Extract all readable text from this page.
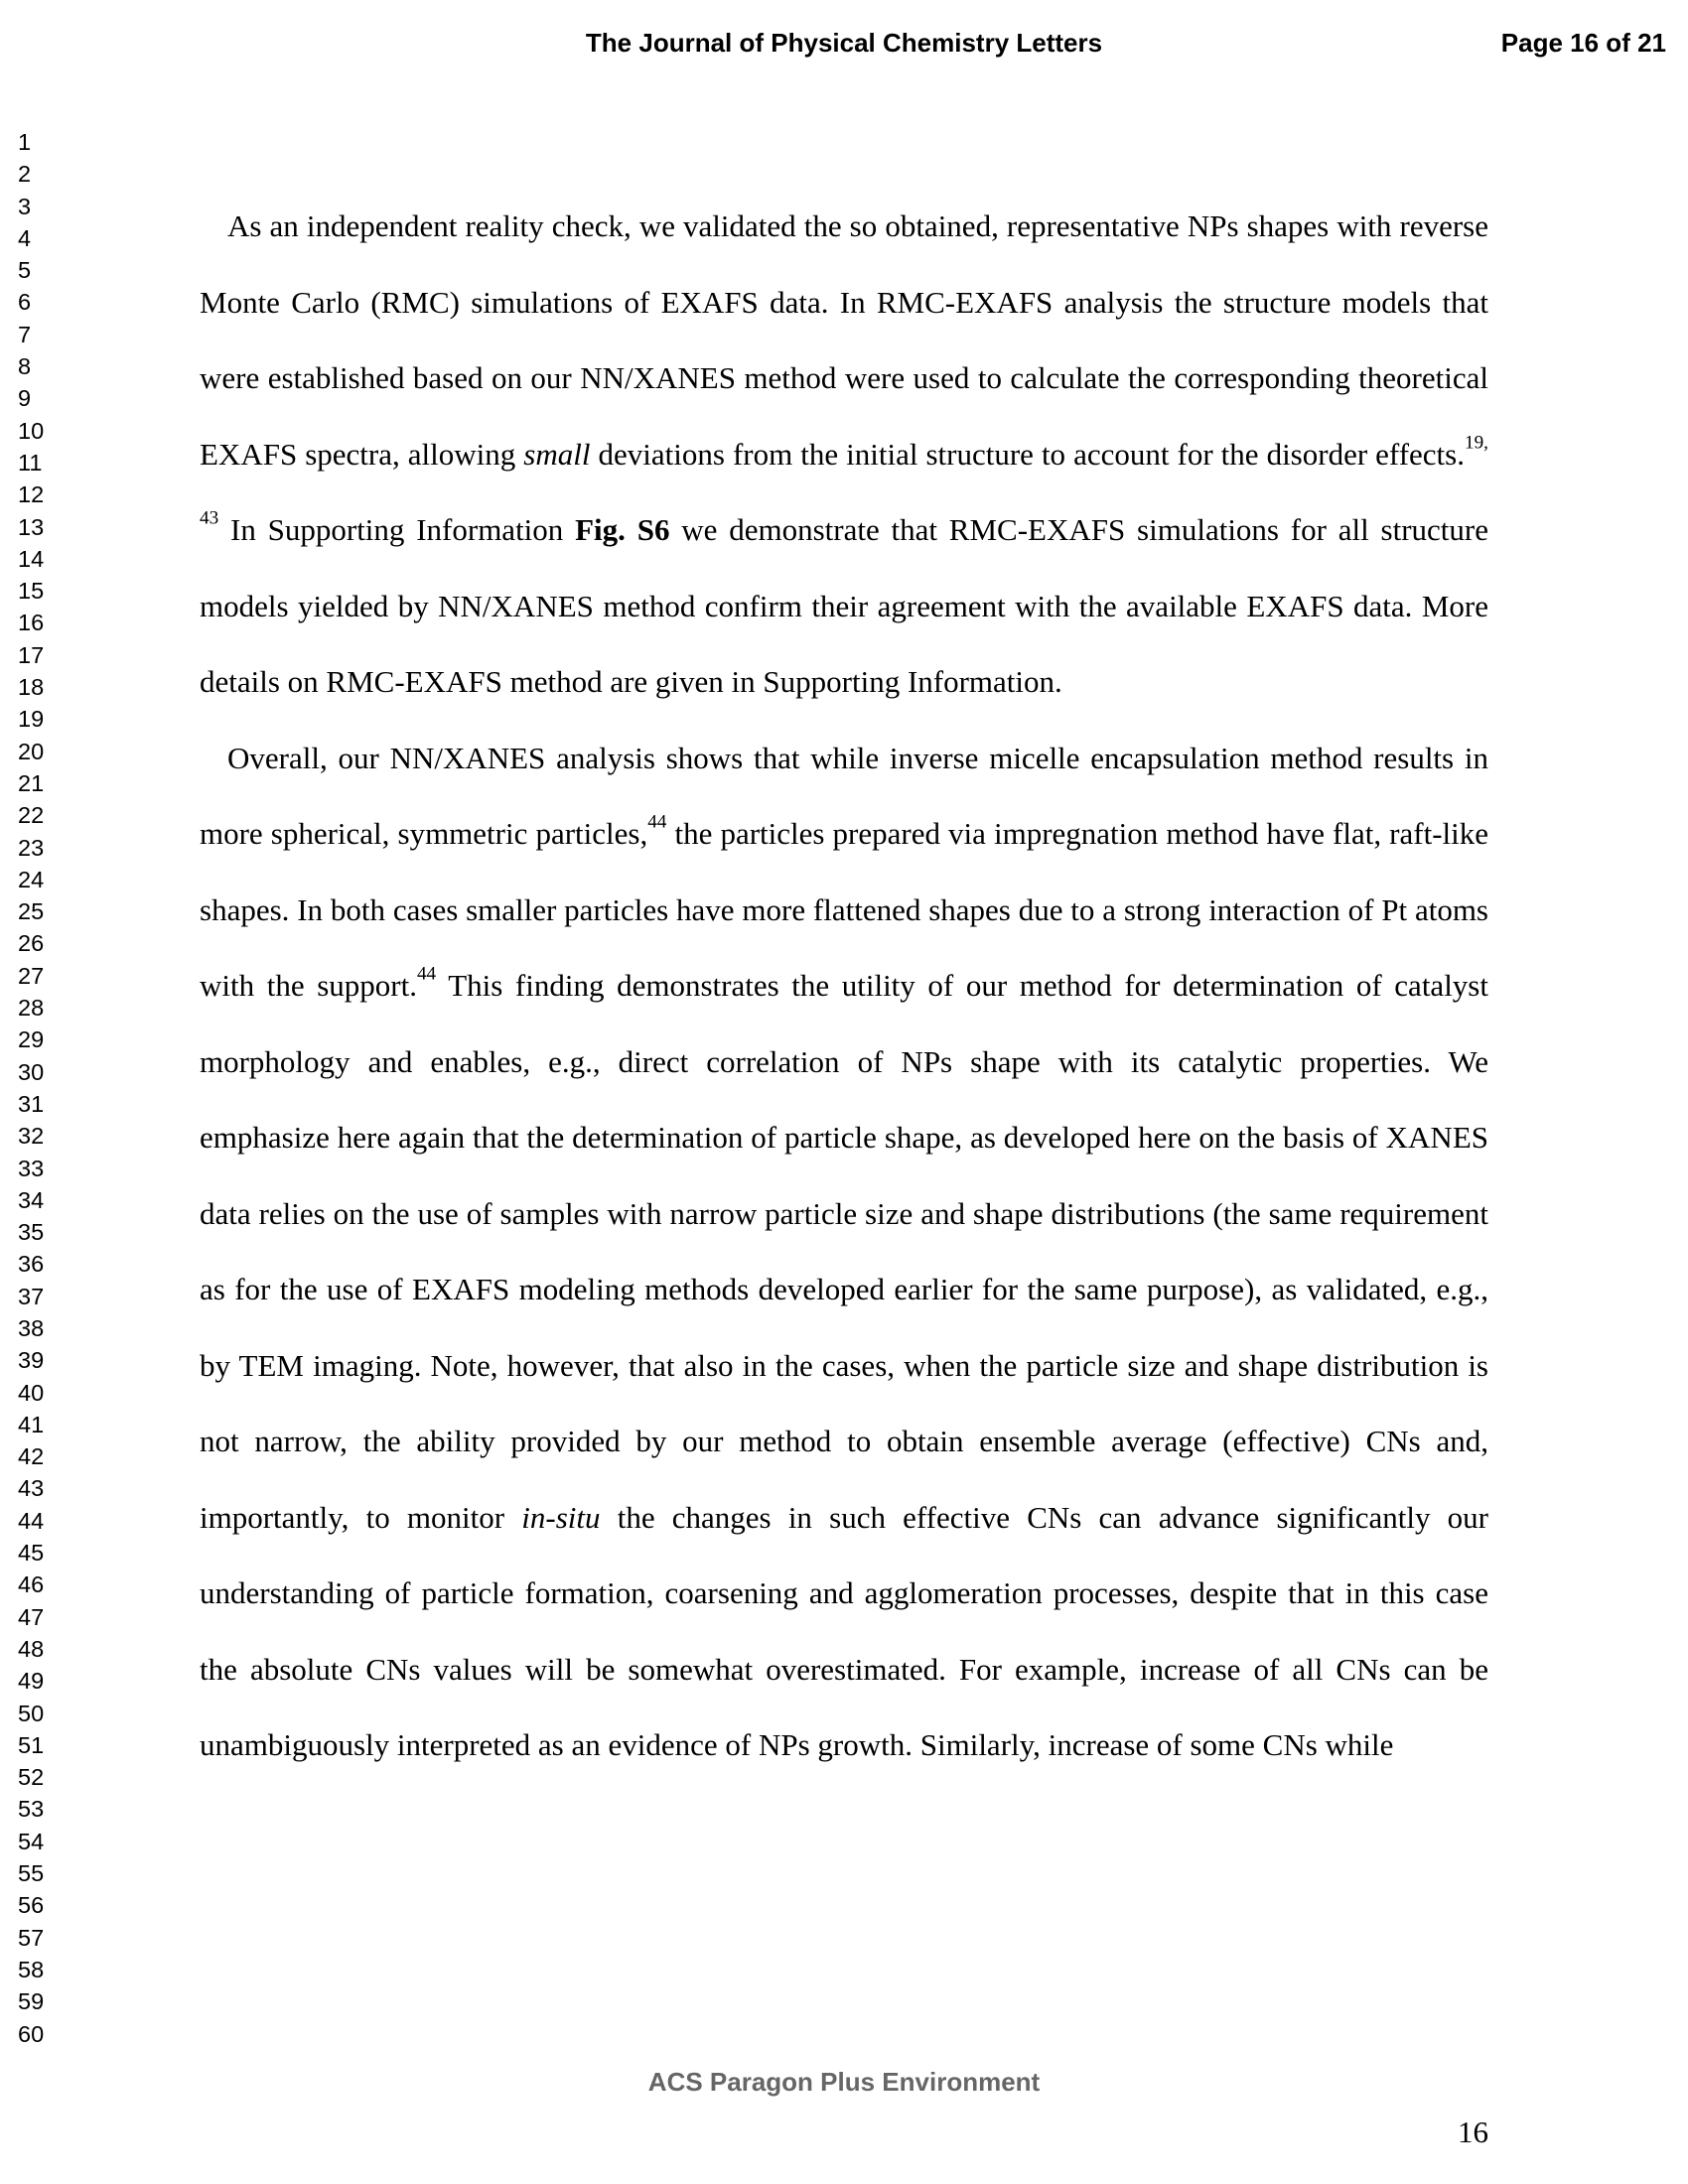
The Journal of Physical Chemistry Letters	Page 16 of 21
1
2
3
4
5
6
7
8
9
10
11
12
13
14
15
16
17
18
19
20
21
22
23
24
25
26
27
28
29
30
31
32
33
34
35
36
37
38
39
40
41
42
43
44
45
46
47
48
49
50
51
52
53
54
55
56
57
58
59
60

As an independent reality check, we validated the so obtained, representative NPs shapes with reverse Monte Carlo (RMC) simulations of EXAFS data. In RMC-EXAFS analysis the structure models that were established based on our NN/XANES method were used to calculate the corresponding theoretical EXAFS spectra, allowing small deviations from the initial structure to account for the disorder effects.$^{19, 43}$ In Supporting Information Fig. S6 we demonstrate that RMC-EXAFS simulations for all structure models yielded by NN/XANES method confirm their agreement with the available EXAFS data. More details on RMC-EXAFS method are given in Supporting Information.

Overall, our NN/XANES analysis shows that while inverse micelle encapsulation method results in more spherical, symmetric particles,$^{44}$ the particles prepared via impregnation method have flat, raft-like shapes. In both cases smaller particles have more flattened shapes due to a strong interaction of Pt atoms with the support.$^{44}$ This finding demonstrates the utility of our method for determination of catalyst morphology and enables, e.g., direct correlation of NPs shape with its catalytic properties. We emphasize here again that the determination of particle shape, as developed here on the basis of XANES data relies on the use of samples with narrow particle size and shape distributions (the same requirement as for the use of EXAFS modeling methods developed earlier for the same purpose), as validated, e.g., by TEM imaging. Note, however, that also in the cases, when the particle size and shape distribution is not narrow, the ability provided by our method to obtain ensemble average (effective) CNs and, importantly, to monitor in-situ the changes in such effective CNs can advance significantly our understanding of particle formation, coarsening and agglomeration processes, despite that in this case the absolute CNs values will be somewhat overestimated. For example, increase of all CNs can be unambiguously interpreted as an evidence of NPs growth. Similarly, increase of some CNs while

ACS Paragon Plus Environment
16
